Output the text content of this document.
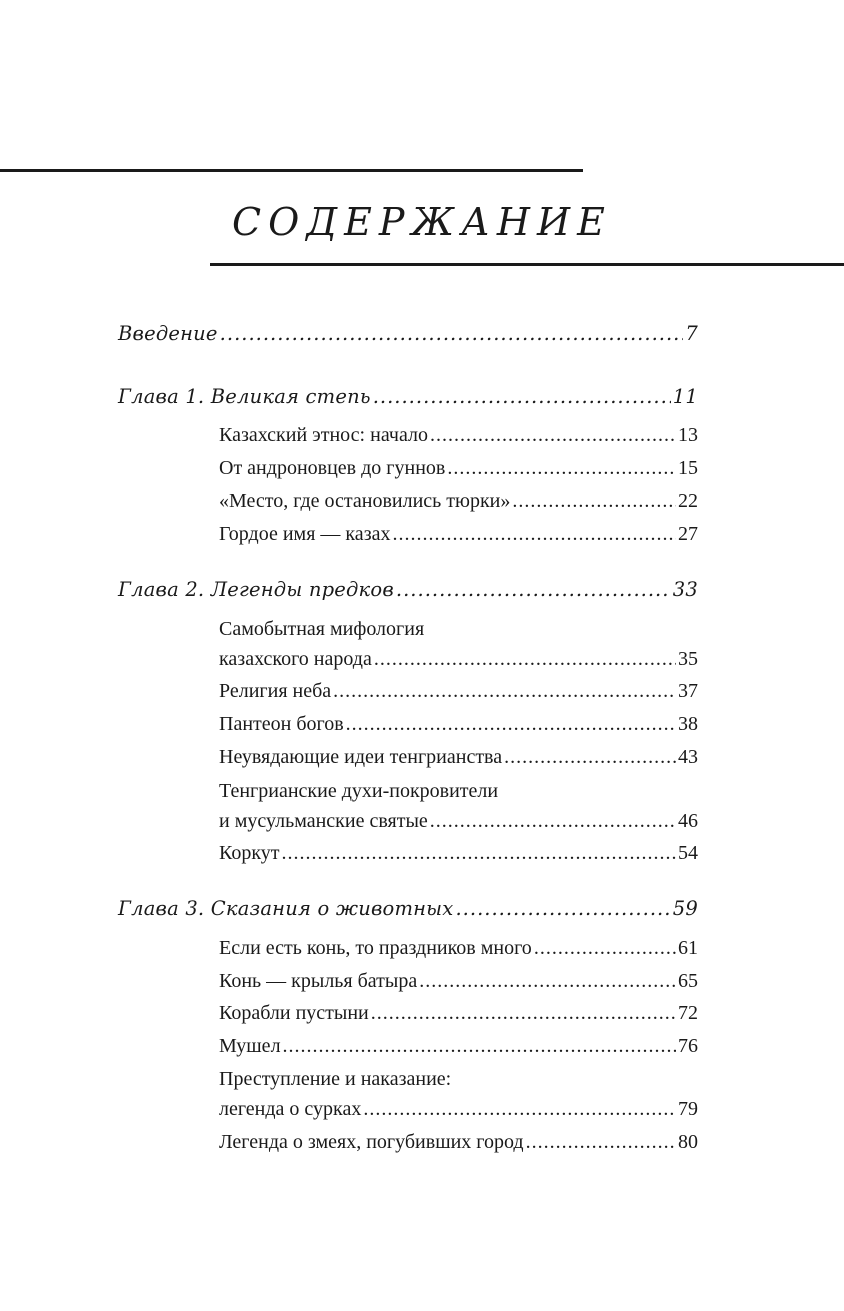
СОДЕРЖАНИЕ
Введение .....	7
Глава 1. Великая степь .....	11
Казахский этнос: начало .....	13
От андроновцев до гуннов .....	15
«Место, где остановились тюрки» .....	22
Гордое имя — казах .....	27
Глава 2. Легенды предков .....	33
Самобытная мифология
казахского народа .....	35
Религия неба .....	37
Пантеон богов .....	38
Неувядающие идеи тенгрианства .....	43
Тенгрианские духи-покровители
и мусульманские святые .....	46
Коркут .....	54
Глава 3. Сказания о животных .....	59
Если есть конь, то праздников много .....	61
Конь — крылья батыра .....	65
Корабли пустыни .....	72
Мушел .....	76
Преступление и наказание:
легенда о сурках .....	79
Легенда о змеях, погубивших город .....	80
